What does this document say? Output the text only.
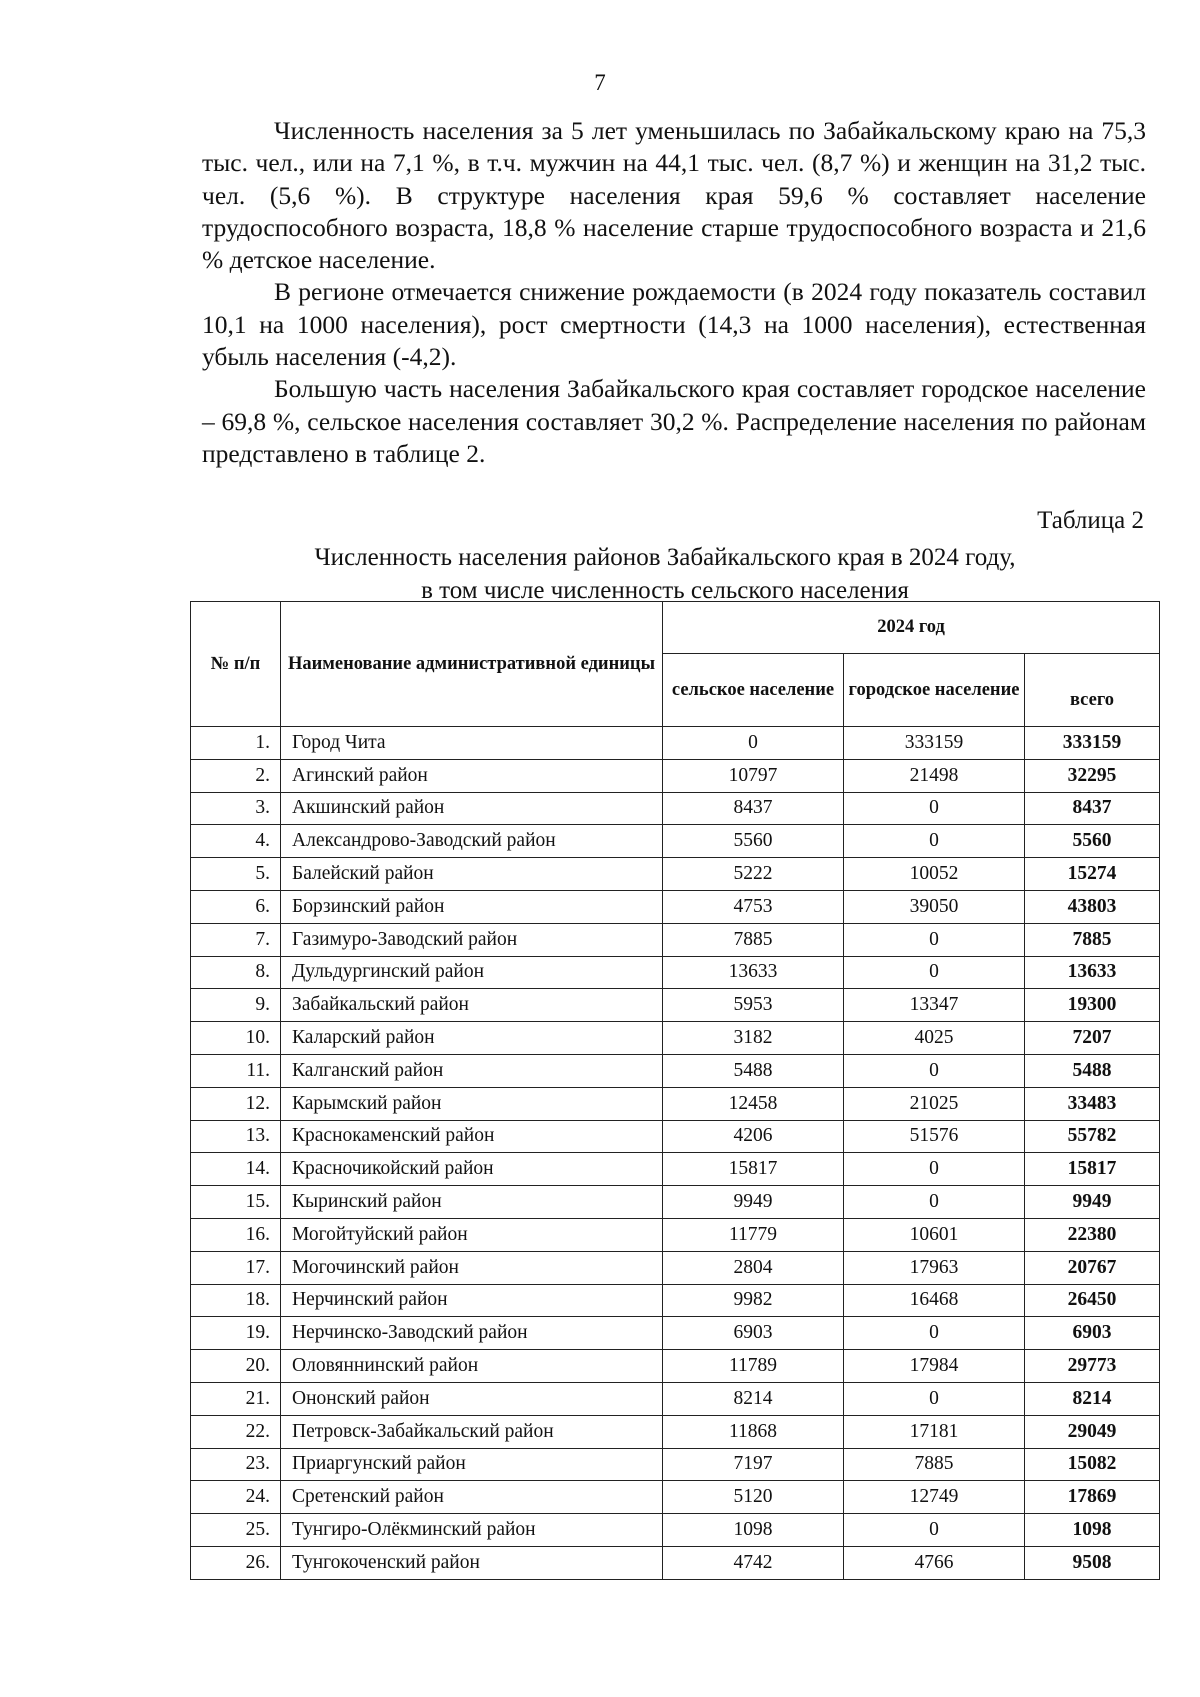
7

Численность населения за 5 лет уменьшилась по Забайкальскому краю на 75,3 тыс. чел., или на 7,1 %, в т.ч. мужчин на 44,1 тыс. чел. (8,7 %) и женщин на 31,2 тыс. чел. (5,6 %). В структуре населения края 59,6 % составляет население трудоспособного возраста, 18,8 % население старше трудоспособного возраста и 21,6 % детское население.

В регионе отмечается снижение рождаемости (в 2024 году показатель составил 10,1 на 1000 населения), рост смертности (14,3 на 1000 населения), естественная убыль населения (-4,2).

Большую часть населения Забайкальского края составляет городское население – 69,8 %, сельское населения составляет 30,2 %. Распределение населения по районам представлено в таблице 2.

Таблица 2
Численность населения районов Забайкальского края в 2024 году,
в том числе численность сельского населения
№ п/п	Наименование административной единицы	2024 год		
		сельское население	городское население	всего
1.	Город Чита	0	333159	333159
2.	Агинский район	10797	21498	32295
3.	Акшинский район	8437	0	8437
4.	Александрово-Заводский район	5560	0	5560
5.	Балейский район	5222	10052	15274
6.	Борзинский район	4753	39050	43803
7.	Газимуро-Заводский район	7885	0	7885
8.	Дульдургинский район	13633	0	13633
9.	Забайкальский район	5953	13347	19300
10.	Каларский район	3182	4025	7207
11.	Калганский район	5488	0	5488
12.	Карымский район	12458	21025	33483
13.	Краснокаменский район	4206	51576	55782
14.	Красночикойский район	15817	0	15817
15.	Кыринский район	9949	0	9949
16.	Могойтуйский район	11779	10601	22380
17.	Могочинский район	2804	17963	20767
18.	Нерчинский район	9982	16468	26450
19.	Нерчинско-Заводский район	6903	0	6903
20.	Оловяннинский район	11789	17984	29773
21.	Ононский район	8214	0	8214
22.	Петровск-Забайкальский район	11868	17181	29049
23.	Приаргунский район	7197	7885	15082
24.	Сретенский район	5120	12749	17869
25.	Тунгиро-Олёкминский район	1098	0	1098
26.	Тунгокоченский район	4742	4766	9508
